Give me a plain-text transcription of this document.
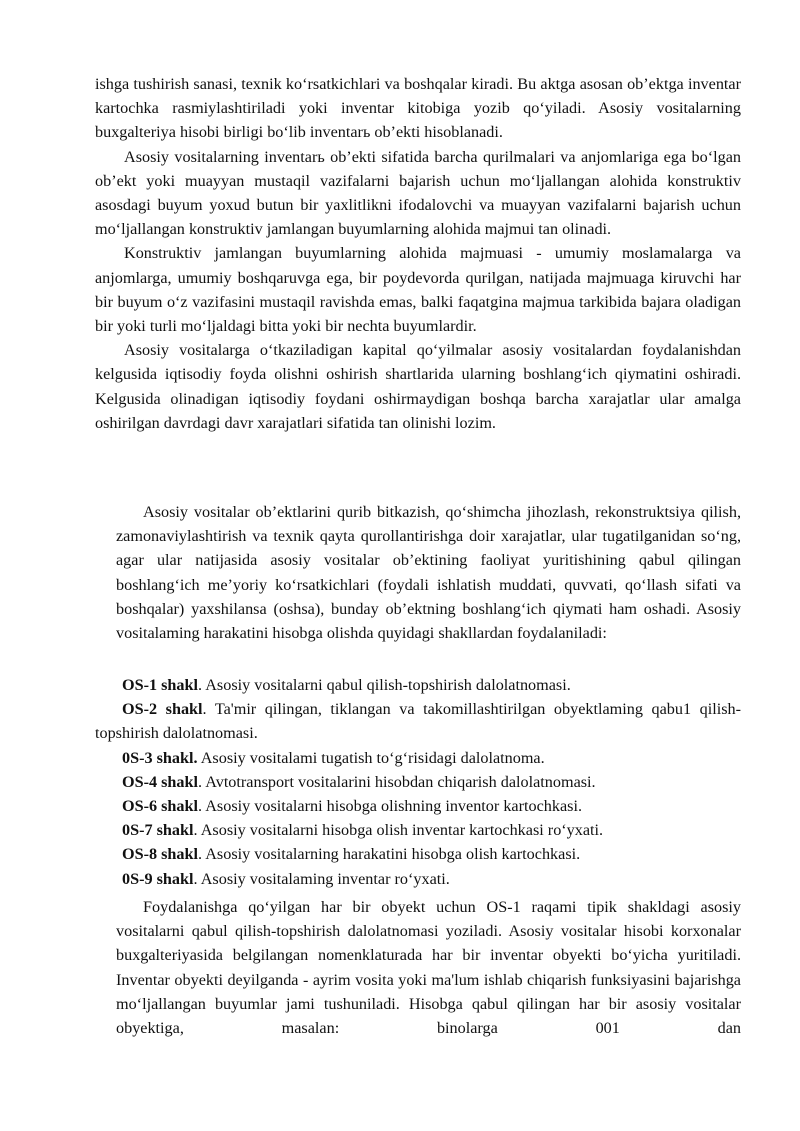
ishga tushirish sanasi, texnik ko‘rsatkichlari va boshqalar kiradi. Bu aktga asosan ob’ektga inventar kartochka rasmiylashtiriladi yoki inventar kitobiga yozib qo‘yiladi. Asosiy vositalarning buxgalteriya hisobi birligi bo‘lib inventarь ob’ekti hisoblanadi.

Asosiy vositalarning inventarь ob’ekti sifatida barcha qurilmalari va anjomlariga ega bo‘lgan ob’ekt yoki muayyan mustaqil vazifalarni bajarish uchun mo‘ljallangan alohida konstruktiv asosdagi buyum yoxud butun bir yaxlitlikni ifodalovchi va muayyan vazifalarni bajarish uchun mo‘ljallangan konstruktiv jamlangan buyumlarning alohida majmui tan olinadi.

Konstruktiv jamlangan buyumlarning alohida majmuasi - umumiy moslamalarga va anjomlarga, umumiy boshqaruvga ega, bir poydevorda qurilgan, natijada majmuaga kiruvchi har bir buyum o‘z vazifasini mustaqil ravishda emas, balki faqatgina majmua tarkibida bajara oladigan bir yoki turli mo‘ljaldagi bitta yoki bir nechta buyumlardir.

Asosiy vositalarga o‘tkaziladigan kapital qo‘yilmalar asosiy vositalardan foydalanishdan kelgusida iqtisodiy foyda olishni oshirish shartlarida ularning boshlang‘ich qiymatini oshiradi. Kelgusida olinadigan iqtisodiy foydani oshirmaydigan boshqa barcha xarajatlar ular amalga oshirilgan davrdagi davr xarajatlari sifatida tan olinishi lozim.

Asosiy vositalar ob’ektlarini qurib bitkazish, qo‘shimcha jihozlash, rekonstruktsiya qilish, zamonaviylashtirish va texnik qayta qurollantirishga doir xarajatlar, ular tugatilganidan so‘ng, agar ular natijasida asosiy vositalar ob’ektining faoliyat yuritishining qabul qilingan boshlang‘ich me’yoriy ko‘rsatkichlari (foydali ishlatish muddati, quvvati, qo‘llash sifati va boshqalar) yaxshilansa (oshsa), bunday ob’ektning boshlang‘ich qiymati ham oshadi. Asosiy vositalaming harakatini hisobga olishda quyidagi shakllardan foydalaniladi:

OS-1 shakl. Asosiy vositalarni qabul qilish-topshirish dalolatnomasi.

OS-2 shakl. Ta'mir qilingan, tiklangan va takomillashtirilgan obyektlaming qabu1 qilish-topshirish dalolatnomasi.

0S-3 shakl. Asosiy vositalami tugatish to‘g‘risidagi dalolatnoma.

OS-4 shakl. Avtotransport vositalarini hisobdan chiqarish dalolatnomasi.

OS-6 shakl. Asosiy vositalarni hisobga olishning inventor kartochkasi.

0S-7 shakl. Asosiy vositalarni hisobga olish inventar kartochkasi ro‘yxati.

OS-8 shakl. Asosiy vositalarning harakatini hisobga olish kartochkasi.

0S-9 shakl. Asosiy vositalaming inventar ro‘yxati.

Foydalanishga qo‘yilgan har bir obyekt uchun OS-1 raqami tipik shakldagi asosiy vositalarni qabul qilish-topshirish dalolatnomasi yoziladi. Asosiy vositalar hisobi korxonalar buxgalteriyasida belgilangan nomenklaturada har bir inventar obyekti bo‘yicha yuritiladi. Inventar obyekti deyilganda - ayrim vosita yoki ma'lum ishlab chiqarish funksiyasini bajarishga mo‘ljallangan buyumlar jami tushuniladi. Hisobga qabul qilingan har bir asosiy vositalar obyektiga, masalan: binolarga 001 dan
